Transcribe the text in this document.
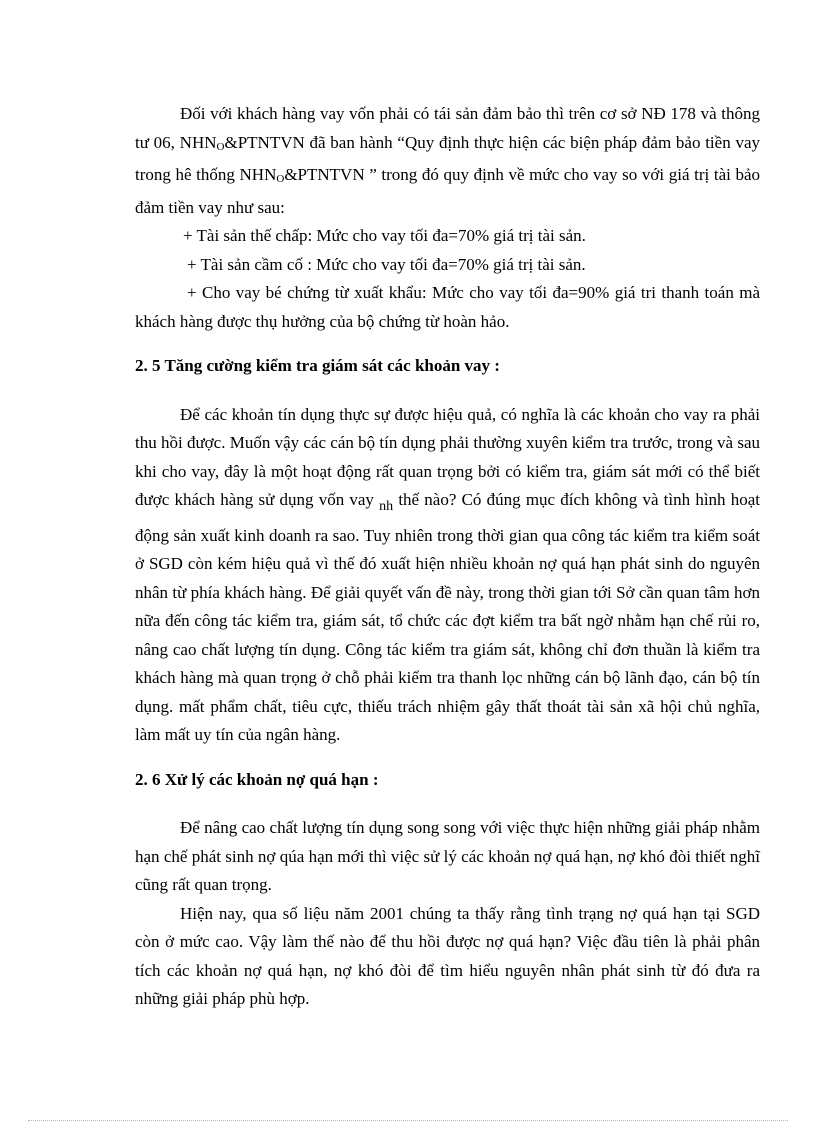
Đối với khách hàng vay vốn phải có tái sản đảm bảo thì trên cơ sở NĐ 178 và thông tư 06, NHNO&PTNTVN đã ban hành “Quy định thực hiện các biện pháp đảm bảo tiền vay trong hê thống NHNO&PTNTVN ” trong đó quy định về mức cho vay so với giá trị tài bảo đảm tiền vay như sau:

+ Tài sản thế chấp: Mức cho vay tối đa=70% giá trị tài sản.

+ Tài sản cầm cố : Mức cho vay tối đa=70% giá trị tài sản.

+ Cho vay bé chứng từ xuất khẩu: Mức cho vay tối đa=90% giá tri thanh toán mà khách hàng được thụ hưởng của bộ chứng từ hoàn hảo.

2. 5 Tăng cường kiểm tra giám sát các khoản vay :

Để các khoản tín dụng thực sự được hiệu quả, có nghĩa là các khoản cho vay ra phải thu hồi được. Muốn vậy các cán bộ tín dụng phải thường xuyên kiểm tra trước, trong và sau khi cho vay, đây là một hoạt động rất quan trọng bởi có kiểm tra, giám sát mới có thể biết được khách hàng sử dụng vốn vay $_{nh}$ thế nào? Có đúng mục đích không và tình hình hoạt động sản xuất kinh doanh ra sao. Tuy nhiên trong thời gian qua công tác kiểm tra kiểm soát ở SGD còn kém hiệu quả vì thế đó xuất hiện nhiều khoản nợ quá hạn phát sinh do nguyên nhân từ phía khách hàng. Để giải quyết vấn đề này, trong thời gian tới Sở cần quan tâm hơn nữa đến công tác kiểm tra, giám sát, tổ chức các đợt kiểm tra bất ngờ nhằm hạn chế rủi ro, nâng cao chất lượng tín dụng. Công tác kiểm tra giám sát, không chỉ đơn thuần là kiểm tra khách hàng mà quan trọng ở chỗ phải kiểm tra thanh lọc những cán bộ lãnh đạo, cán bộ tín dụng. mất phẩm chất, tiêu cực, thiếu trách nhiệm gây thất thoát tài sản xã hội chủ nghĩa, làm mất uy tín của ngân hàng.

2. 6 Xử lý các khoản nợ quá hạn :

Để nâng cao chất lượng tín dụng song song với việc thực hiện những giải pháp nhằm hạn chế phát sinh nợ qúa hạn mới thì việc sử lý các khoản nợ quá hạn, nợ khó đòi thiết nghĩ cũng rất quan trọng.

Hiện nay, qua số liệu năm 2001 chúng ta thấy rằng tình trạng nợ quá hạn tại SGD còn ở mức cao. Vậy làm thế nào để thu hồi được nợ quá hạn? Việc đầu tiên là phải phân tích các khoản nợ quá hạn, nợ khó đòi để tìm hiểu nguyên nhân phát sinh từ đó đưa ra những giải pháp phù hợp.
